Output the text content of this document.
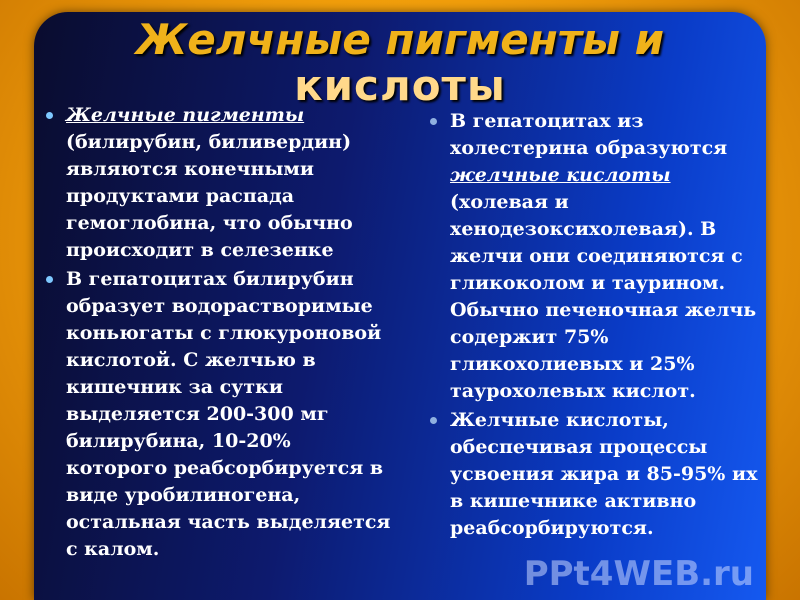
Желчные пигменты и
кислоты
Желчные пигменты (билирубин, биливердин) являются конечными продуктами распада гемоглобина, что обычно происходит в селезенке
В гепатоцитах билирубин образует водорастворимые коньюгаты с глюкуроновой кислотой. С желчью в кишечник за сутки выделяется 200-300 мг билирубина, 10-20% которого реабсорбируется в виде уробилиногена, остальная часть выделяется с калом.
В гепатоцитах из холестерина образуются желчные кислоты (холевая и хенодезоксихолевая). В желчи они соединяются с гликоколом и таурином. Обычно печеночная желчь содержит 75% гликохолиевых и 25% таурохолевых кислот.
Желчные кислоты, обеспечивая процессы усвоения жира и 85-95% их в кишечнике активно реабсорбируются.
PPt4WEB.ru
